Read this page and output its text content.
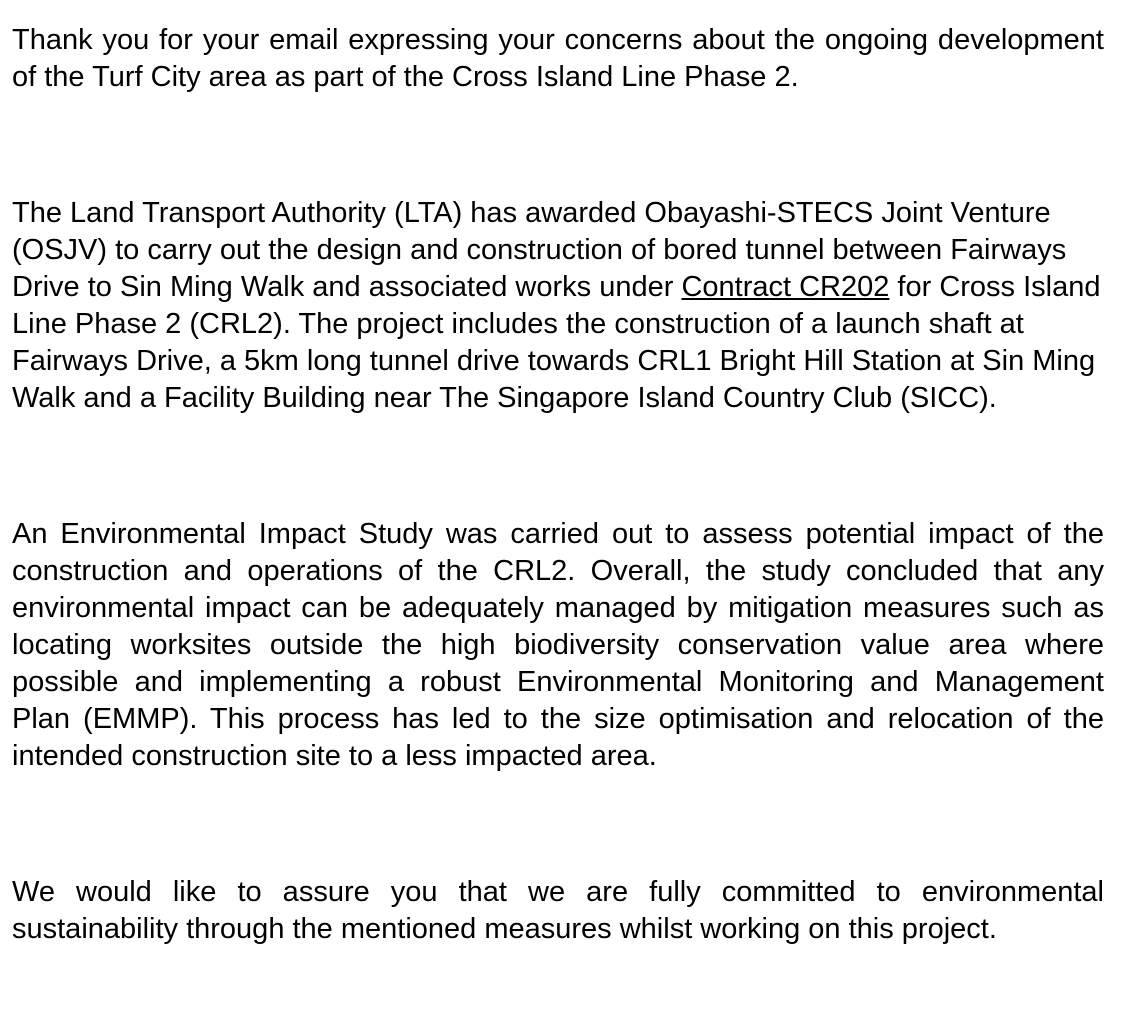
Thank you for your email expressing your concerns about the ongoing development of the Turf City area as part of the Cross Island Line Phase 2.

The Land Transport Authority (LTA) has awarded Obayashi-STECS Joint Venture (OSJV) to carry out the design and construction of bored tunnel between Fairways Drive to Sin Ming Walk and associated works under Contract CR202 for Cross Island Line Phase 2 (CRL2). The project includes the construction of a launch shaft at Fairways Drive, a 5km long tunnel drive towards CRL1 Bright Hill Station at Sin Ming Walk and a Facility Building near The Singapore Island Country Club (SICC).

An Environmental Impact Study was carried out to assess potential impact of the construction and operations of the CRL2. Overall, the study concluded that any environmental impact can be adequately managed by mitigation measures such as locating worksites outside the high biodiversity conservation value area where possible and implementing a robust Environmental Monitoring and Management Plan (EMMP). This process has led to the size optimisation and relocation of the intended construction site to a less impacted area.

We would like to assure you that we are fully committed to environmental sustainability through the mentioned measures whilst working on this project.
